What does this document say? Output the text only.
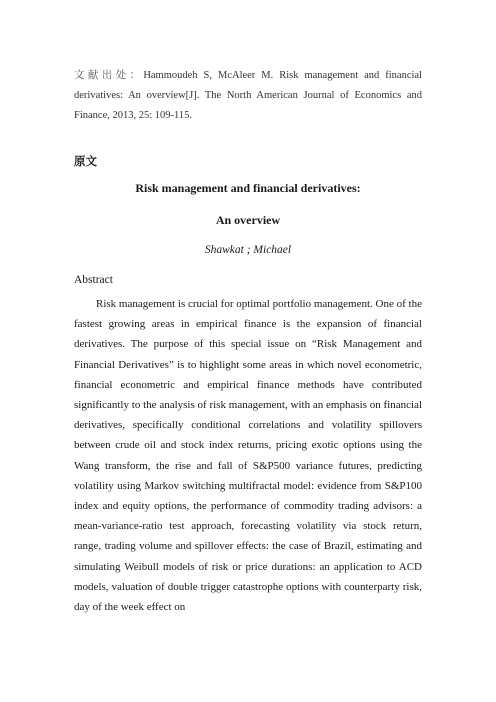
文献出处：Hammoudeh S, McAleer M. Risk management and financial derivatives: An overview[J]. The North American Journal of Economics and Finance, 2013, 25: 109-115.

原文
Risk management and financial derivatives:
An overview
Shawkat ; Michael
Abstract

Risk management is crucial for optimal portfolio management. One of the fastest growing areas in empirical finance is the expansion of financial derivatives. The purpose of this special issue on “Risk Management and Financial Derivatives” is to highlight some areas in which novel econometric, financial econometric and empirical finance methods have contributed significantly to the analysis of risk management, with an emphasis on financial derivatives, specifically conditional correlations and volatility spillovers between crude oil and stock index returns, pricing exotic options using the Wang transform, the rise and fall of S&P500 variance futures, predicting volatility using Markov switching multifractal model: evidence from S&P100 index and equity options, the performance of commodity trading advisors: a mean-variance-ratio test approach, forecasting volatility via stock return, range, trading volume and spillover effects: the case of Brazil, estimating and simulating Weibull models of risk or price durations: an application to ACD models, valuation of double trigger catastrophe options with counterparty risk, day of the week effect on
